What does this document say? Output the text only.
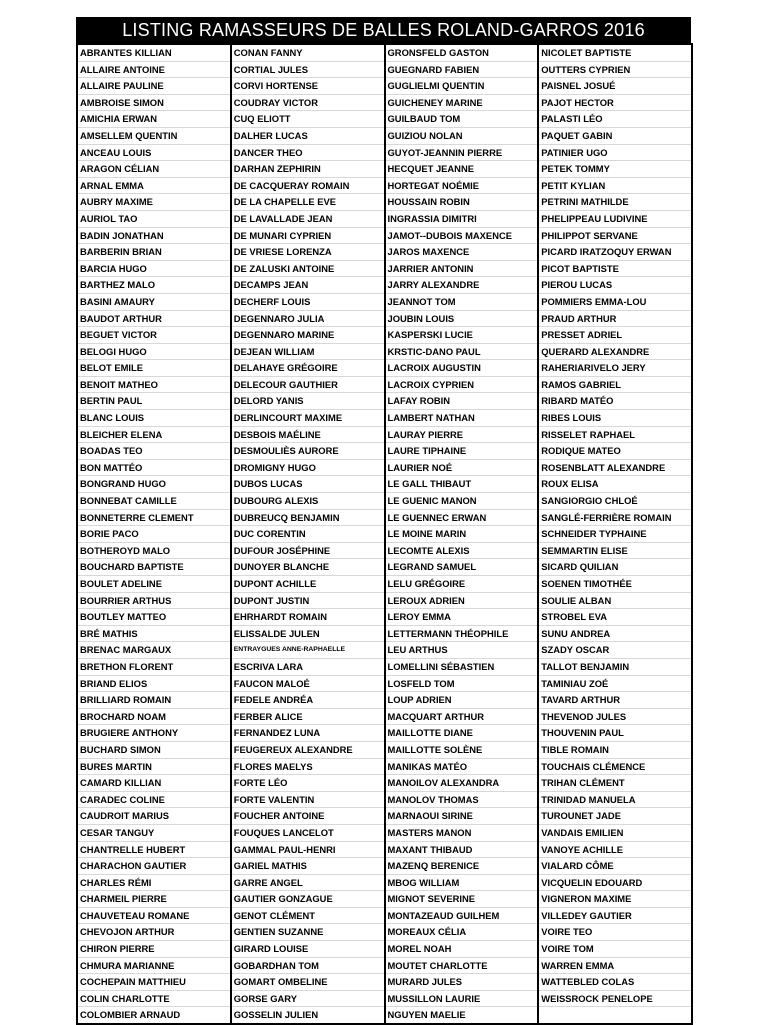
LISTING RAMASSEURS DE BALLES ROLAND-GARROS 2016
ABRANTES KILLIAN	CONAN FANNY	GRONSFELD GASTON	NICOLET BAPTISTE
ALLAIRE ANTOINE	CORTIAL JULES	GUEGNARD FABIEN	OUTTERS CYPRIEN
ALLAIRE PAULINE	CORVI HORTENSE	GUGLIELMI QUENTIN	PAISNEL JOSUÉ
AMBROISE SIMON	COUDRAY VICTOR	GUICHENEY MARINE	PAJOT HECTOR
AMICHIA ERWAN	CUQ ELIOTT	GUILBAUD TOM	PALASTI LÉO
AMSELLEM QUENTIN	DALHER LUCAS	GUIZIOU NOLAN	PAQUET GABIN
ANCEAU LOUIS	DANCER THEO	GUYOT-JEANNIN PIERRE	PATINIER UGO
ARAGON CÉLIAN	DARHAN ZEPHIRIN	HECQUET JEANNE	PETEK TOMMY
ARNAL EMMA	DE CACQUERAY ROMAIN	HORTEGAT NOÉMIE	PETIT KYLIAN
AUBRY MAXIME	DE LA CHAPELLE EVE	HOUSSAIN ROBIN	PETRINI MATHILDE
AURIOL TAO	DE LAVALLADE JEAN	INGRASSIA DIMITRI	PHELIPPEAU LUDIVINE
BADIN JONATHAN	DE MUNARI CYPRIEN	JAMOT--DUBOIS MAXENCE	PHILIPPOT SERVANE
BARBERIN BRIAN	DE VRIESE LORENZA	JAROS MAXENCE	PICARD IRATZOQUY ERWAN
BARCIA HUGO	DE ZALUSKI ANTOINE	JARRIER ANTONIN	PICOT BAPTISTE
BARTHEZ MALO	DECAMPS JEAN	JARRY ALEXANDRE	PIEROU LUCAS
BASINI AMAURY	DECHERF LOUIS	JEANNOT TOM	POMMIERS EMMA-LOU
BAUDOT ARTHUR	DEGENNARO JULIA	JOUBIN LOUIS	PRAUD ARTHUR
BEGUET VICTOR	DEGENNARO MARINE	KASPERSKI LUCIE	PRESSET ADRIEL
BELOGI HUGO	DEJEAN WILLIAM	KRSTIC-DANO PAUL	QUERARD ALEXANDRE
BELOT EMILE	DELAHAYE GRÉGOIRE	LACROIX AUGUSTIN	RAHERIARIVELO JERY
BENOIT MATHEO	DELECOUR GAUTHIER	LACROIX CYPRIEN	RAMOS GABRIEL
BERTIN PAUL	DELORD YANIS	LAFAY ROBIN	RIBARD MATÉO
BLANC LOUIS	DERLINCOURT MAXIME	LAMBERT NATHAN	RIBES LOUIS
BLEICHER ELENA	DESBOIS MAÉLINE	LAURAY PIERRE	RISSELET RAPHAEL
BOADAS TEO	DESMOULIÈS AURORE	LAURE TIPHAINE	RODIQUE MATEO
BON MATTÉO	DROMIGNY HUGO	LAURIER NOÉ	ROSENBLATT ALEXANDRE
BONGRAND HUGO	DUBOS LUCAS	LE GALL THIBAUT	ROUX ELISA
BONNEBAT CAMILLE	DUBOURG ALEXIS	LE GUENIC MANON	SANGIORGIO CHLOÉ
BONNETERRE CLEMENT	DUBREUCQ BENJAMIN	LE GUENNEC ERWAN	SANGLÉ-FERRIÈRE ROMAIN
BORIE PACO	DUC CORENTIN	LE MOINE MARIN	SCHNEIDER TYPHAINE
BOTHEROYD MALO	DUFOUR JOSÉPHINE	LECOMTE ALEXIS	SEMMARTIN ELISE
BOUCHARD BAPTISTE	DUNOYER BLANCHE	LEGRAND SAMUEL	SICARD QUILIAN
BOULET ADELINE	DUPONT ACHILLE	LELU GRÉGOIRE	SOENEN TIMOTHÉE
BOURRIER ARTHUS	DUPONT JUSTIN	LEROUX ADRIEN	SOULIE ALBAN
BOUTLEY MATTEO	EHRHARDT ROMAIN	LEROY EMMA	STROBEL EVA
BRÉ MATHIS	ELISSALDE JULEN	LETTERMANN THÉOPHILE	SUNU ANDREA
BRENAC MARGAUX	ENTRAYGUES ANNE-RAPHAELLE	LEU ARTHUS	SZADY OSCAR
BRETHON FLORENT	ESCRIVA LARA	LOMELLINI SÉBASTIEN	TALLOT BENJAMIN
BRIAND ELIOS	FAUCON MALOÉ	LOSFELD TOM	TAMINIAU ZOÉ
BRILLIARD ROMAIN	FEDELE ANDRÉA	LOUP ADRIEN	TAVARD ARTHUR
BROCHARD NOAM	FERBER ALICE	MACQUART ARTHUR	THEVENOD JULES
BRUGIERE ANTHONY	FERNANDEZ LUNA	MAILLOTTE DIANE	THOUVENIN PAUL
BUCHARD SIMON	FEUGEREUX ALEXANDRE	MAILLOTTE SOLÈNE	TIBLE ROMAIN
BURES MARTIN	FLORES MAELYS	MANIKAS MATÉO	TOUCHAIS CLÉMENCE
CAMARD KILLIAN	FORTE LÉO	MANOILOV ALEXANDRA	TRIHAN CLÉMENT
CARADEC COLINE	FORTE VALENTIN	MANOLOV THOMAS	TRINIDAD MANUELA
CAUDROIT MARIUS	FOUCHER ANTOINE	MARNAOUI SIRINE	TUROUNET JADE
CESAR TANGUY	FOUQUES LANCELOT	MASTERS MANON	VANDAIS EMILIEN
CHANTRELLE HUBERT	GAMMAL PAUL-HENRI	MAXANT THIBAUD	VANOYE ACHILLE
CHARACHON GAUTIER	GARIEL MATHIS	MAZENQ BERENICE	VIALARD CÔME
CHARLES RÉMI	GARRE ANGEL	MBOG WILLIAM	VICQUELIN EDOUARD
CHARMEIL PIERRE	GAUTIER GONZAGUE	MIGNOT SEVERINE	VIGNERON MAXIME
CHAUVETEAU ROMANE	GENOT CLÉMENT	MONTAZEAUD GUILHEM	VILLEDEY GAUTIER
CHEVOJON ARTHUR	GENTIEN SUZANNE	MOREAUX CÉLIA	VOIRE TEO
CHIRON PIERRE	GIRARD LOUISE	MOREL NOAH	VOIRE TOM
CHMURA MARIANNE	GOBARDHAN TOM	MOUTET CHARLOTTE	WARREN EMMA
COCHEPAIN MATTHIEU	GOMART OMBELINE	MURARD JULES	WATTEBLED COLAS
COLIN CHARLOTTE	GORSE GARY	MUSSILLON LAURIE	WEISSROCK PENELOPE
COLOMBIER ARNAUD	GOSSELIN JULIEN	NGUYEN MAELIE	
